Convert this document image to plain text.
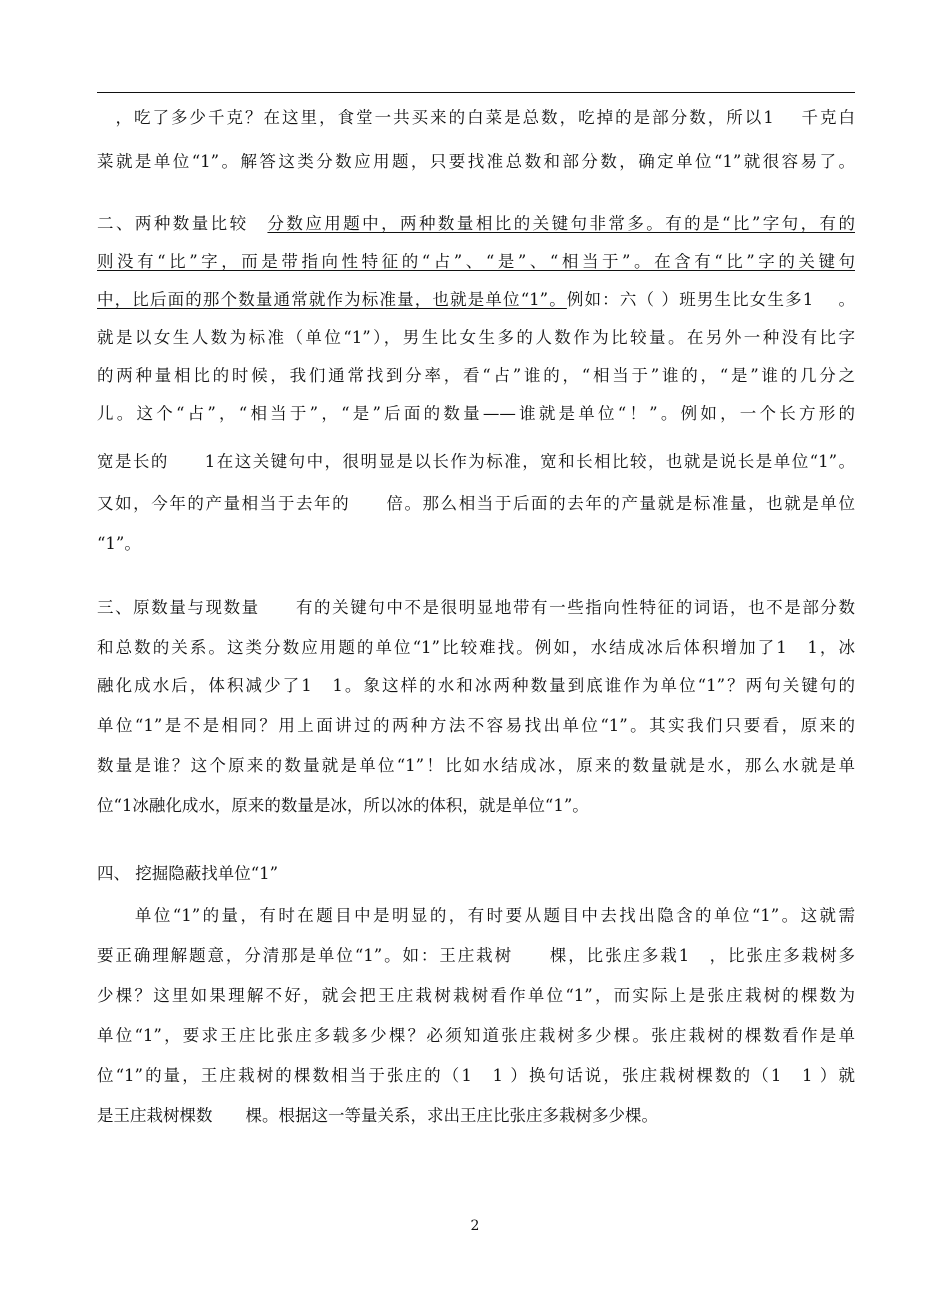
　，吃了多少千克？在这里，食堂一共买来的白菜是总数，吃掉的是部分数，所以1　 千克白
菜就是单位“1”。解答这类分数应用题，只要找准总数和部分数，确定单位“1”就很容易了。
二、两种数量比较　分数应用题中，两种数量相比的关键句非常多。有的是“比”字句，有的
则没有“比”字，而是带指向性特征的“占”、“是”、“相当于”。在含有“比”字的关键句
中，比后面的那个数量通常就作为标准量，也就是单位“1”。例如：六（ ）班男生比女生多1　 。
就是以女生人数为标准（单位“1”），男生比女生多的人数作为比较量。在另外一种没有比字
的两种量相比的时候，我们通常找到分率，看“占”谁的，“相当于”谁的，“是”谁的几分之
儿。这个“占”，“相当于”，“是”后面的数量——谁就是单位“！”。例如，一个长方形的
宽是长的　　1在这关键句中，很明显是以长作为标准，宽和长相比较，也就是说长是单位“1”。
又如，今年的产量相当于去年的　　倍。那么相当于后面的去年的产量就是标准量，也就是单位
“1”。
三、原数量与现数量　　有的关键句中不是很明显地带有一些指向性特征的词语，也不是部分数
和总数的关系。这类分数应用题的单位“1”比较难找。例如，水结成冰后体积增加了1　1，冰
融化成水后，体积减少了1　1。象这样的水和冰两种数量到底谁作为单位“1”？两句关键句的
单位“1”是不是相同？用上面讲过的两种方法不容易找出单位“1”。其实我们只要看，原来的
数量是谁？这个原来的数量就是单位“1”！比如水结成冰，原来的数量就是水，那么水就是单
位“1冰融化成水，原来的数量是冰，所以冰的体积，就是单位“1”。
四、 挖掘隐蔽找单位“1”
　　单位“1”的量，有时在题目中是明显的，有时要从题目中去找出隐含的单位“1”。这就需
要正确理解题意，分清那是单位“1”。如：王庄栽树　　棵，比张庄多栽1　，比张庄多栽树多
少棵？这里如果理解不好，就会把王庄栽树栽树看作单位“1”，而实际上是张庄栽树的棵数为
单位“1”，要求王庄比张庄多载多少棵？必须知道张庄栽树多少棵。张庄栽树的棵数看作是单
位“1”的量，王庄栽树的棵数相当于张庄的（1　1 ）换句话说，张庄栽树棵数的（1　1 ）就
是王庄栽树棵数　　棵。根据这一等量关系，求出王庄比张庄多栽树多少棵。
2
